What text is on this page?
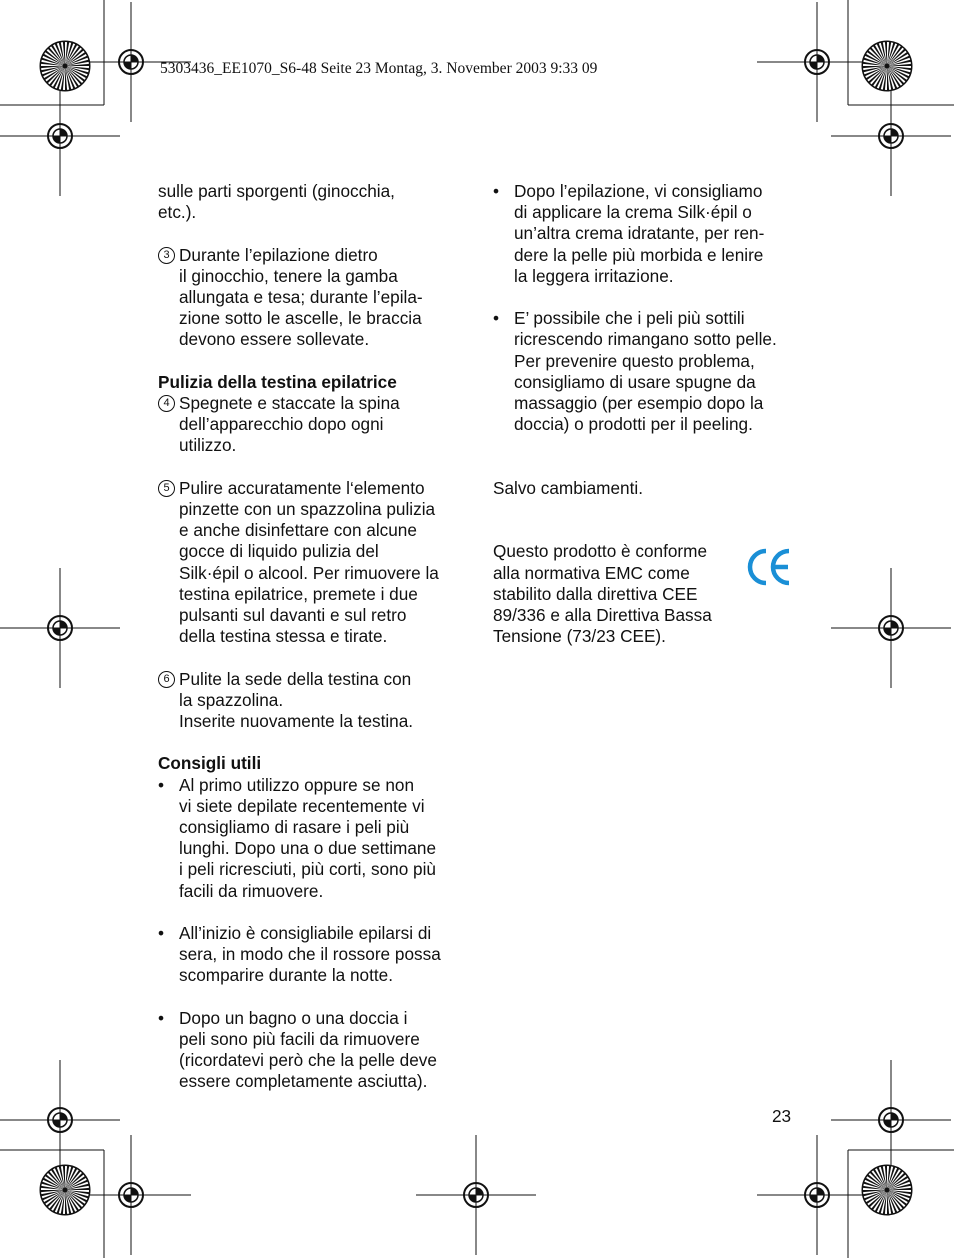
5303436_EE1070_S6-48 Seite 23 Montag, 3. November 2003 9:33 09
sulle parti sporgenti (ginocchia,
etc.).
3 Durante l’epilazione dietro
il ginocchio, tenere la gamba
allungata e tesa; durante l’epila-
zione sotto le ascelle, le braccia
devono essere sollevate.
Pulizia della testina epilatrice
4 Spegnete e staccate la spina
dell’apparecchio dopo ogni
utilizzo.
5 Pulire accuratamente l‘elemento
pinzette con un spazzolina pulizia
e anche disinfettare con alcune
gocce di liquido pulizia del
Silk·épil o alcool. Per rimuovere la
testina epilatrice, premete i due
pulsanti sul davanti e sul retro
della testina stessa e tirate.
6 Pulite la sede della testina con
la spazzolina.
Inserite nuovamente la testina.
Consigli utili
• Al primo utilizzo oppure se non
vi siete depilate recentemente vi
consigliamo di rasare i peli più
lunghi. Dopo una o due settimane
i peli ricresciuti, più corti, sono più
facili da rimuovere.
• All’inizio è consigliabile epilarsi di
sera, in modo che il rossore possa
scomparire durante la notte.
• Dopo un bagno o una doccia i
peli sono più facili da rimuovere
(ricordatevi però che la pelle deve
essere completamente asciutta).
• Dopo l’epilazione, vi consigliamo
di applicare la crema Silk·épil o
un’altra crema idratante, per ren-
dere la pelle più morbida e lenire
la leggera irritazione.
• E’ possibile che i peli più sottili
ricrescendo rimangano sotto pelle.
Per prevenire questo problema,
consigliamo di usare spugne da
massaggio (per esempio dopo la
doccia) o prodotti per il peeling.
Salvo cambiamenti.
Questo prodotto è conforme
alla normativa EMC come
stabilito dalla direttiva CEE
89/336 e alla Direttiva Bassa
Tensione (73/23 CEE).
23
